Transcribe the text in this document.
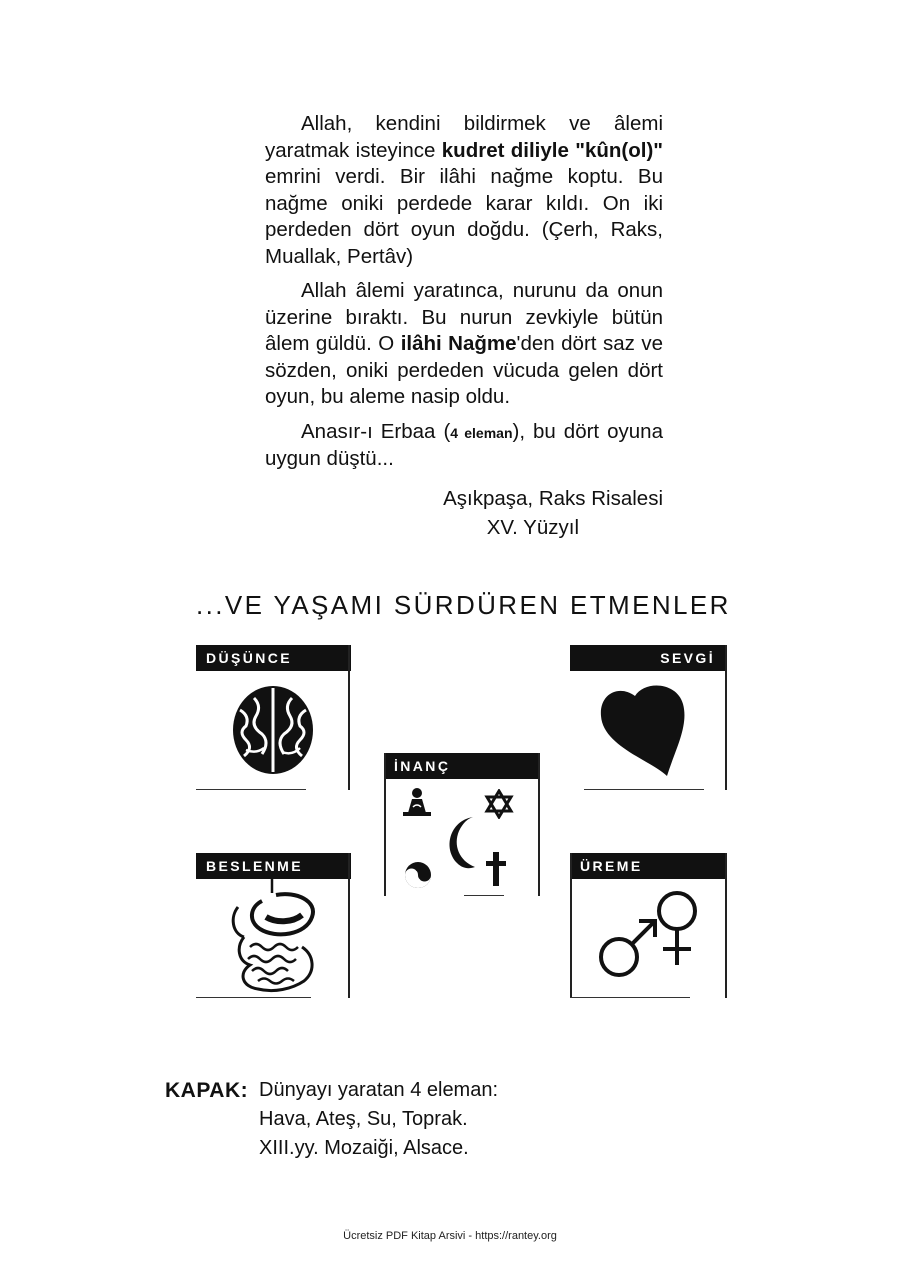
Allah, kendini bildirmek ve âlemi yaratmak isteyince kudret diliyle "kûn(ol)" emrini verdi. Bir ilâhi nağme koptu. Bu nağme oniki perdede karar kıldı. On iki perdeden dört oyun doğdu. (Çerh, Raks, Muallak, Pertâv)

Allah âlemi yaratınca, nurunu da onun üzerine bıraktı. Bu nurun zevkiyle bütün âlem güldü. O ilâhi Nağme'den dört saz ve sözden, oniki perdeden vücuda gelen dört oyun, bu aleme nasip oldu.

Anasır-ı Erbaa (4 eleman), bu dört oyuna uygun düştü...

Aşıkpaşa, Raks Risalesi
XV. Yüzyıl
...VE YAŞAMI SÜRDÜREN ETMENLER
DÜŞÜNCE	SEVGİ
İNANÇ
BESLENME	ÜREME
KAPAK: Dünyayı yaratan 4 eleman:
Hava, Ateş, Su, Toprak.
XIII.yy. Mozaiği, Alsace.
Ücretsiz PDF Kitap Arsivi - https://rantey.org
